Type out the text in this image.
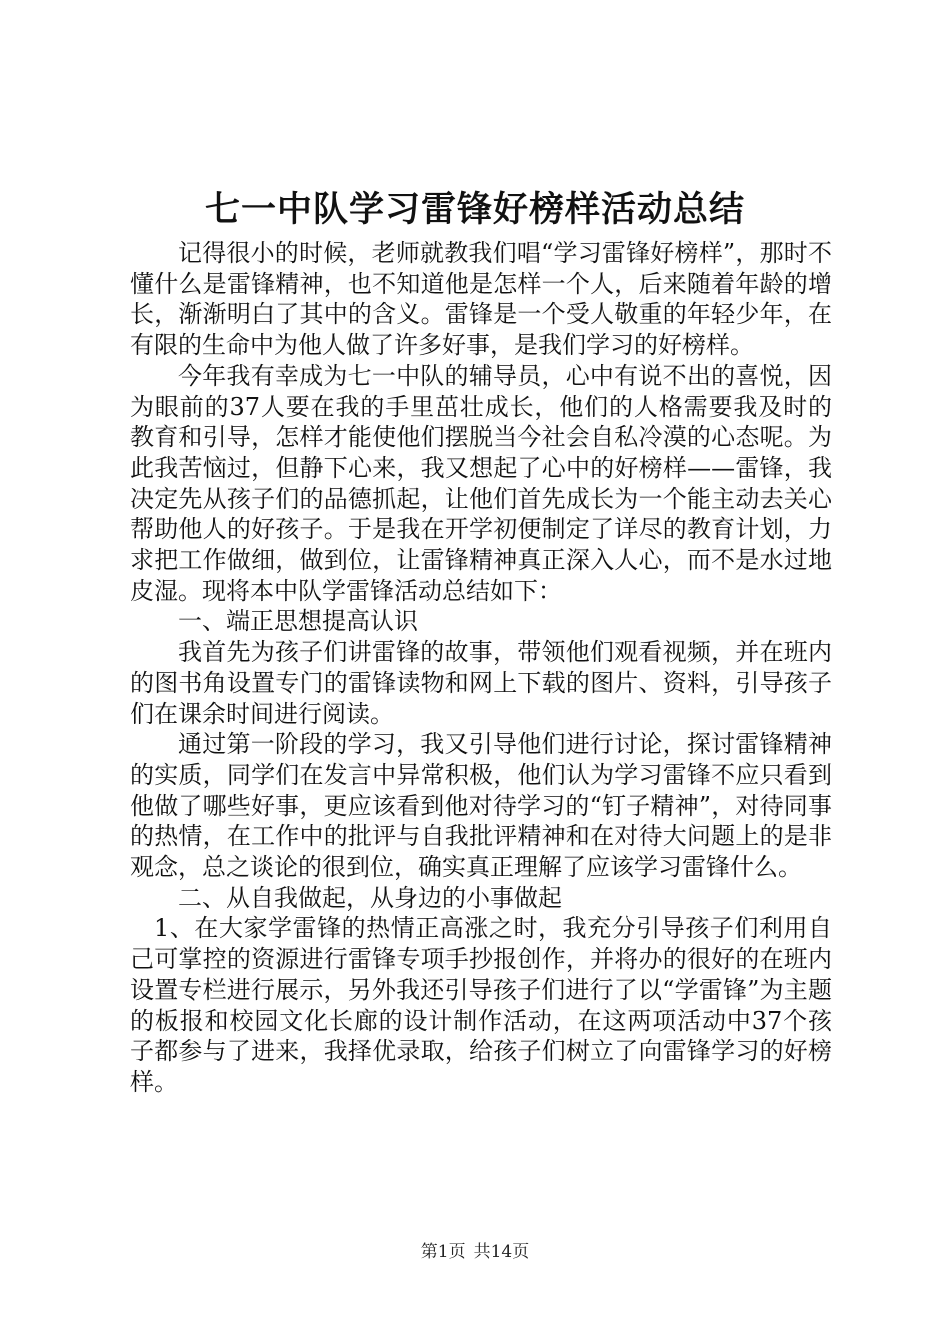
七一中队学习雷锋好榜样活动总结

记得很小的时候，老师就教我们唱“学习雷锋好榜样”，那时不懂什么是雷锋精神，也不知道他是怎样一个人，后来随着年龄的增长，渐渐明白了其中的含义。雷锋是一个受人敬重的年轻少年，在有限的生命中为他人做了许多好事，是我们学习的好榜样。

今年我有幸成为七一中队的辅导员，心中有说不出的喜悦，因为眼前的37人要在我的手里茁壮成长，他们的人格需要我及时的教育和引导，怎样才能使他们摆脱当今社会自私冷漠的心态呢。为此我苦恼过，但静下心来，我又想起了心中的好榜样——雷锋，我决定先从孩子们的品德抓起，让他们首先成长为一个能主动去关心帮助他人的好孩子。于是我在开学初便制定了详尽的教育计划，力求把工作做细，做到位，让雷锋精神真正深入人心，而不是水过地皮湿。现将本中队学雷锋活动总结如下：

一、端正思想提高认识

我首先为孩子们讲雷锋的故事，带领他们观看视频，并在班内的图书角设置专门的雷锋读物和网上下载的图片、资料，引导孩子们在课余时间进行阅读。

通过第一阶段的学习，我又引导他们进行讨论，探讨雷锋精神的实质，同学们在发言中异常积极，他们认为学习雷锋不应只看到他做了哪些好事，更应该看到他对待学习的“钉子精神”，对待同事的热情，在工作中的批评与自我批评精神和在对待大问题上的是非观念，总之谈论的很到位，确实真正理解了应该学习雷锋什么。

二、从自我做起，从身边的小事做起

1、在大家学雷锋的热情正高涨之时，我充分引导孩子们利用自己可掌控的资源进行雷锋专项手抄报创作，并将办的很好的在班内设置专栏进行展示，另外我还引导孩子们进行了以“学雷锋”为主题的板报和校园文化长廊的设计制作活动，在这两项活动中37个孩子都参与了进来，我择优录取，给孩子们树立了向雷锋学习的好榜样。

第1页 共14页
